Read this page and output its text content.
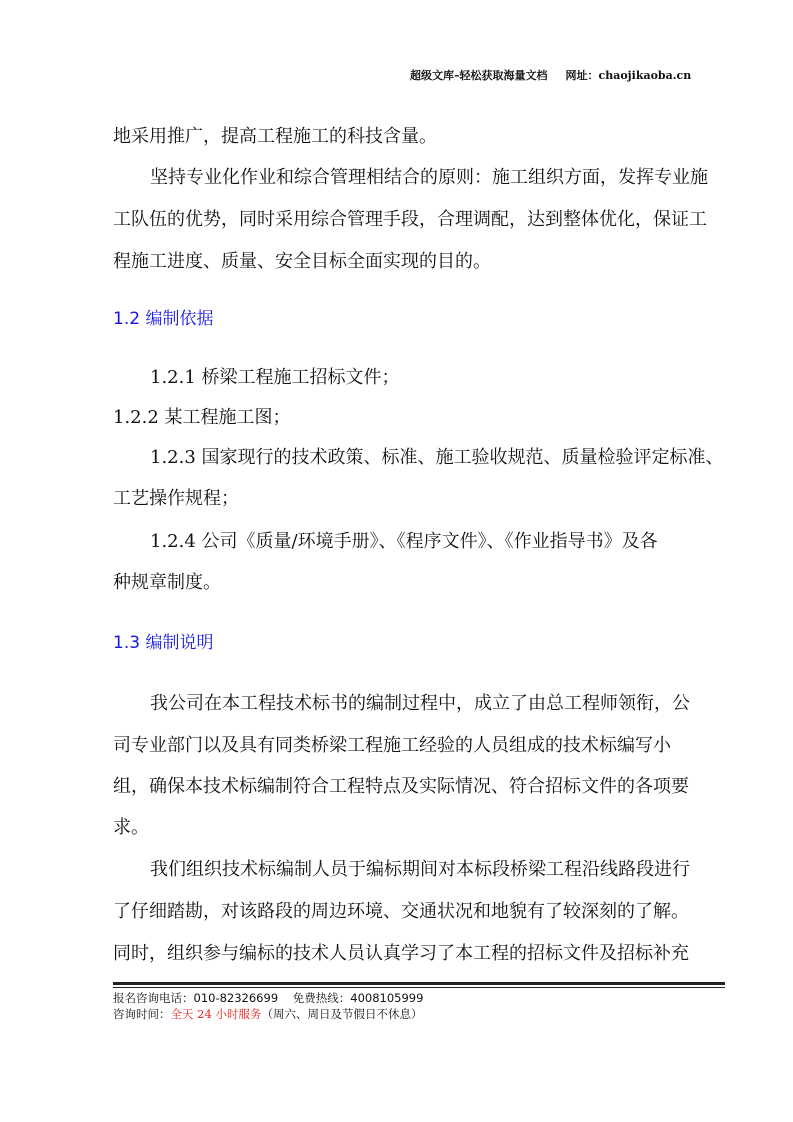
超级文库–轻松获取海量文档 网址：chaojikaoba.cn
地采用推广，提高工程施工的科技含量。
坚持专业化作业和综合管理相结合的原则：施工组织方面，发挥专业施
工队伍的优势，同时采用综合管理手段，合理调配，达到整体优化，保证工
程施工进度、质量、安全目标全面实现的目的。
1.2 编制依据
1.2.1 桥梁工程施工招标文件；
1.2.2 某工程施工图；
1.2.3 国家现行的技术政策、标准、施工验收规范、质量检验评定标准、
工艺操作规程；
1.2.4 公司《质量/环境手册》、《程序文件》、《作业指导书》及各
种规章制度。
1.3 编制说明
我公司在本工程技术标书的编制过程中，成立了由总工程师领衔，公
司专业部门以及具有同类桥梁工程施工经验的人员组成的技术标编写小
组，确保本技术标编制符合工程特点及实际情况、符合招标文件的各项要
求。
我们组织技术标编制人员于编标期间对本标段桥梁工程沿线路段进行
了仔细踏勘，对该路段的周边环境、交通状况和地貌有了较深刻的了解。
同时，组织参与编标的技术人员认真学习了本工程的招标文件及招标补充
报名咨询电话：010-82326699 免费热线：4008105999
咨询时间：全天 24 小时服务（周六、周日及节假日不休息）
